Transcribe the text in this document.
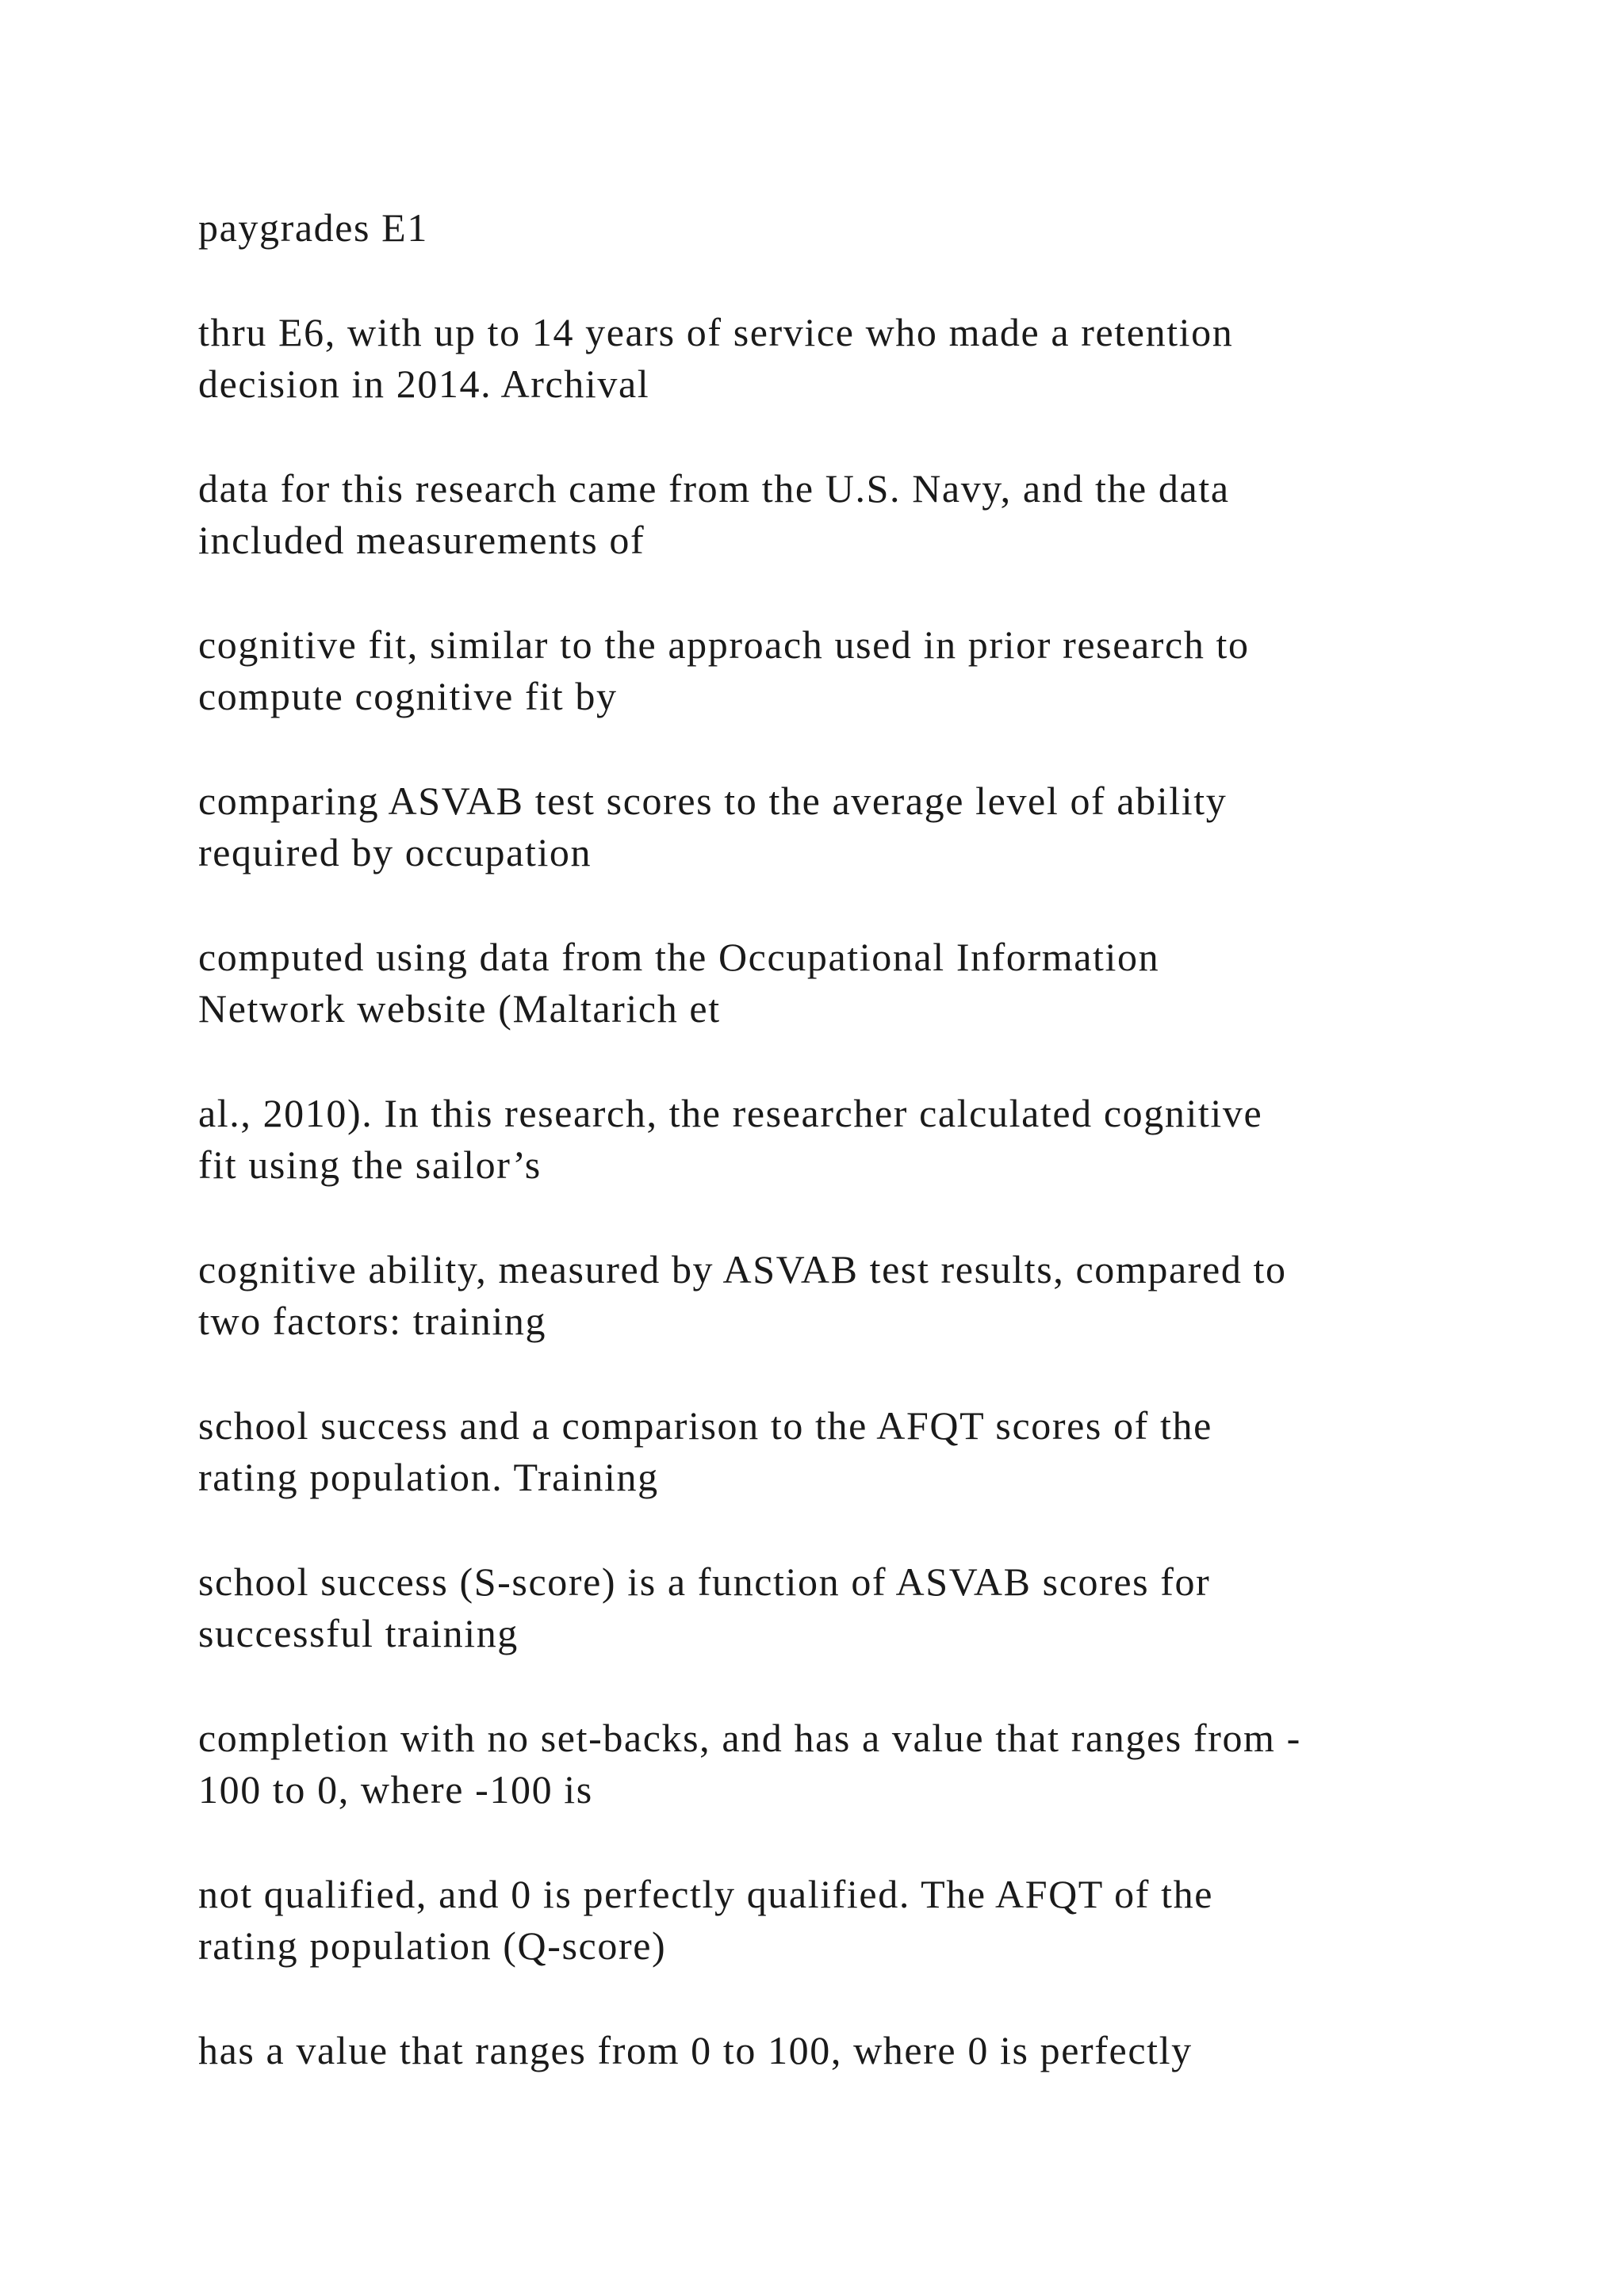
paygrades E1

thru E6, with up to 14 years of service who made a retention
decision in 2014. Archival

data for this research came from the U.S. Navy, and the data
included measurements of

cognitive fit, similar to the approach used in prior research to
compute cognitive fit by

comparing ASVAB test scores to the average level of ability
required by occupation

computed using data from the Occupational Information
Network website (Maltarich et

al., 2010). In this research, the researcher calculated cognitive
fit using the sailor’s

cognitive ability, measured by ASVAB test results, compared to
two factors: training

school success and a comparison to the AFQT scores of the
rating population. Training

school success (S-score) is a function of ASVAB scores for
successful training

completion with no set-backs, and has a value that ranges from -
100 to 0, where -100 is

not qualified, and 0 is perfectly qualified. The AFQT of the
rating population (Q-score)

has a value that ranges from 0 to 100, where 0 is perfectly
